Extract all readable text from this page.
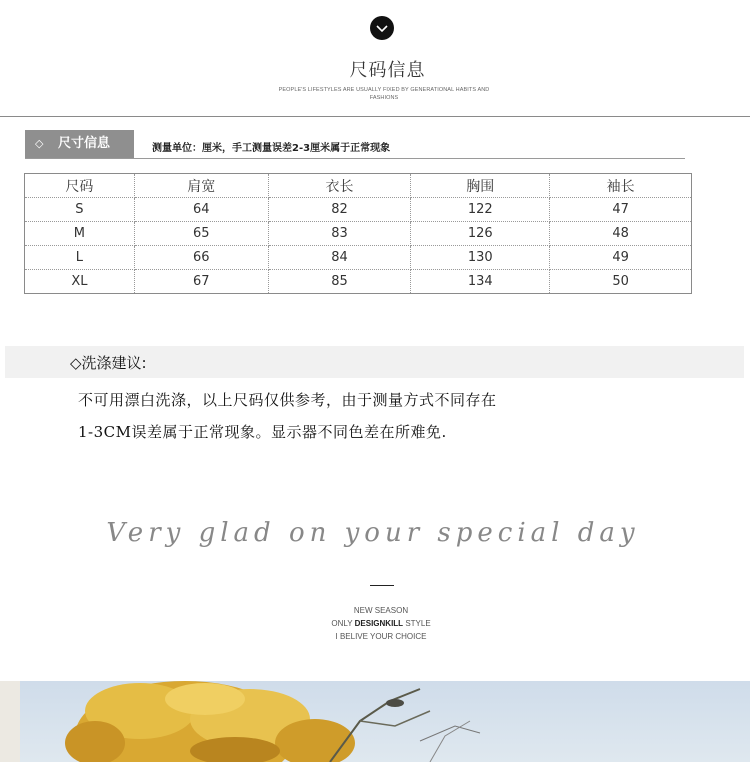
尺码信息
PEOPLE'S LIFESTYLES ARE USUALLY FIXED BY GENERATIONAL HABITS AND FASHIONS
◇ 尺寸信息	测量单位：厘米，手工测量误差2-3厘米属于正常现象
尺码	肩宽	衣长	胸围	袖长
S	64	82	122	47
M	65	83	126	48
L	66	84	130	49
XL	67	85	134	50
◇洗涤建议:
不可用漂白洗涤，以上尺码仅供参考，由于测量方式不同存在
1-3CM误差属于正常现象。显示器不同色差在所难免.
Very glad on your special day
NEW SEASON
ONLY DESIGNKILL STYLE
I BELIVE YOUR CHOICE
